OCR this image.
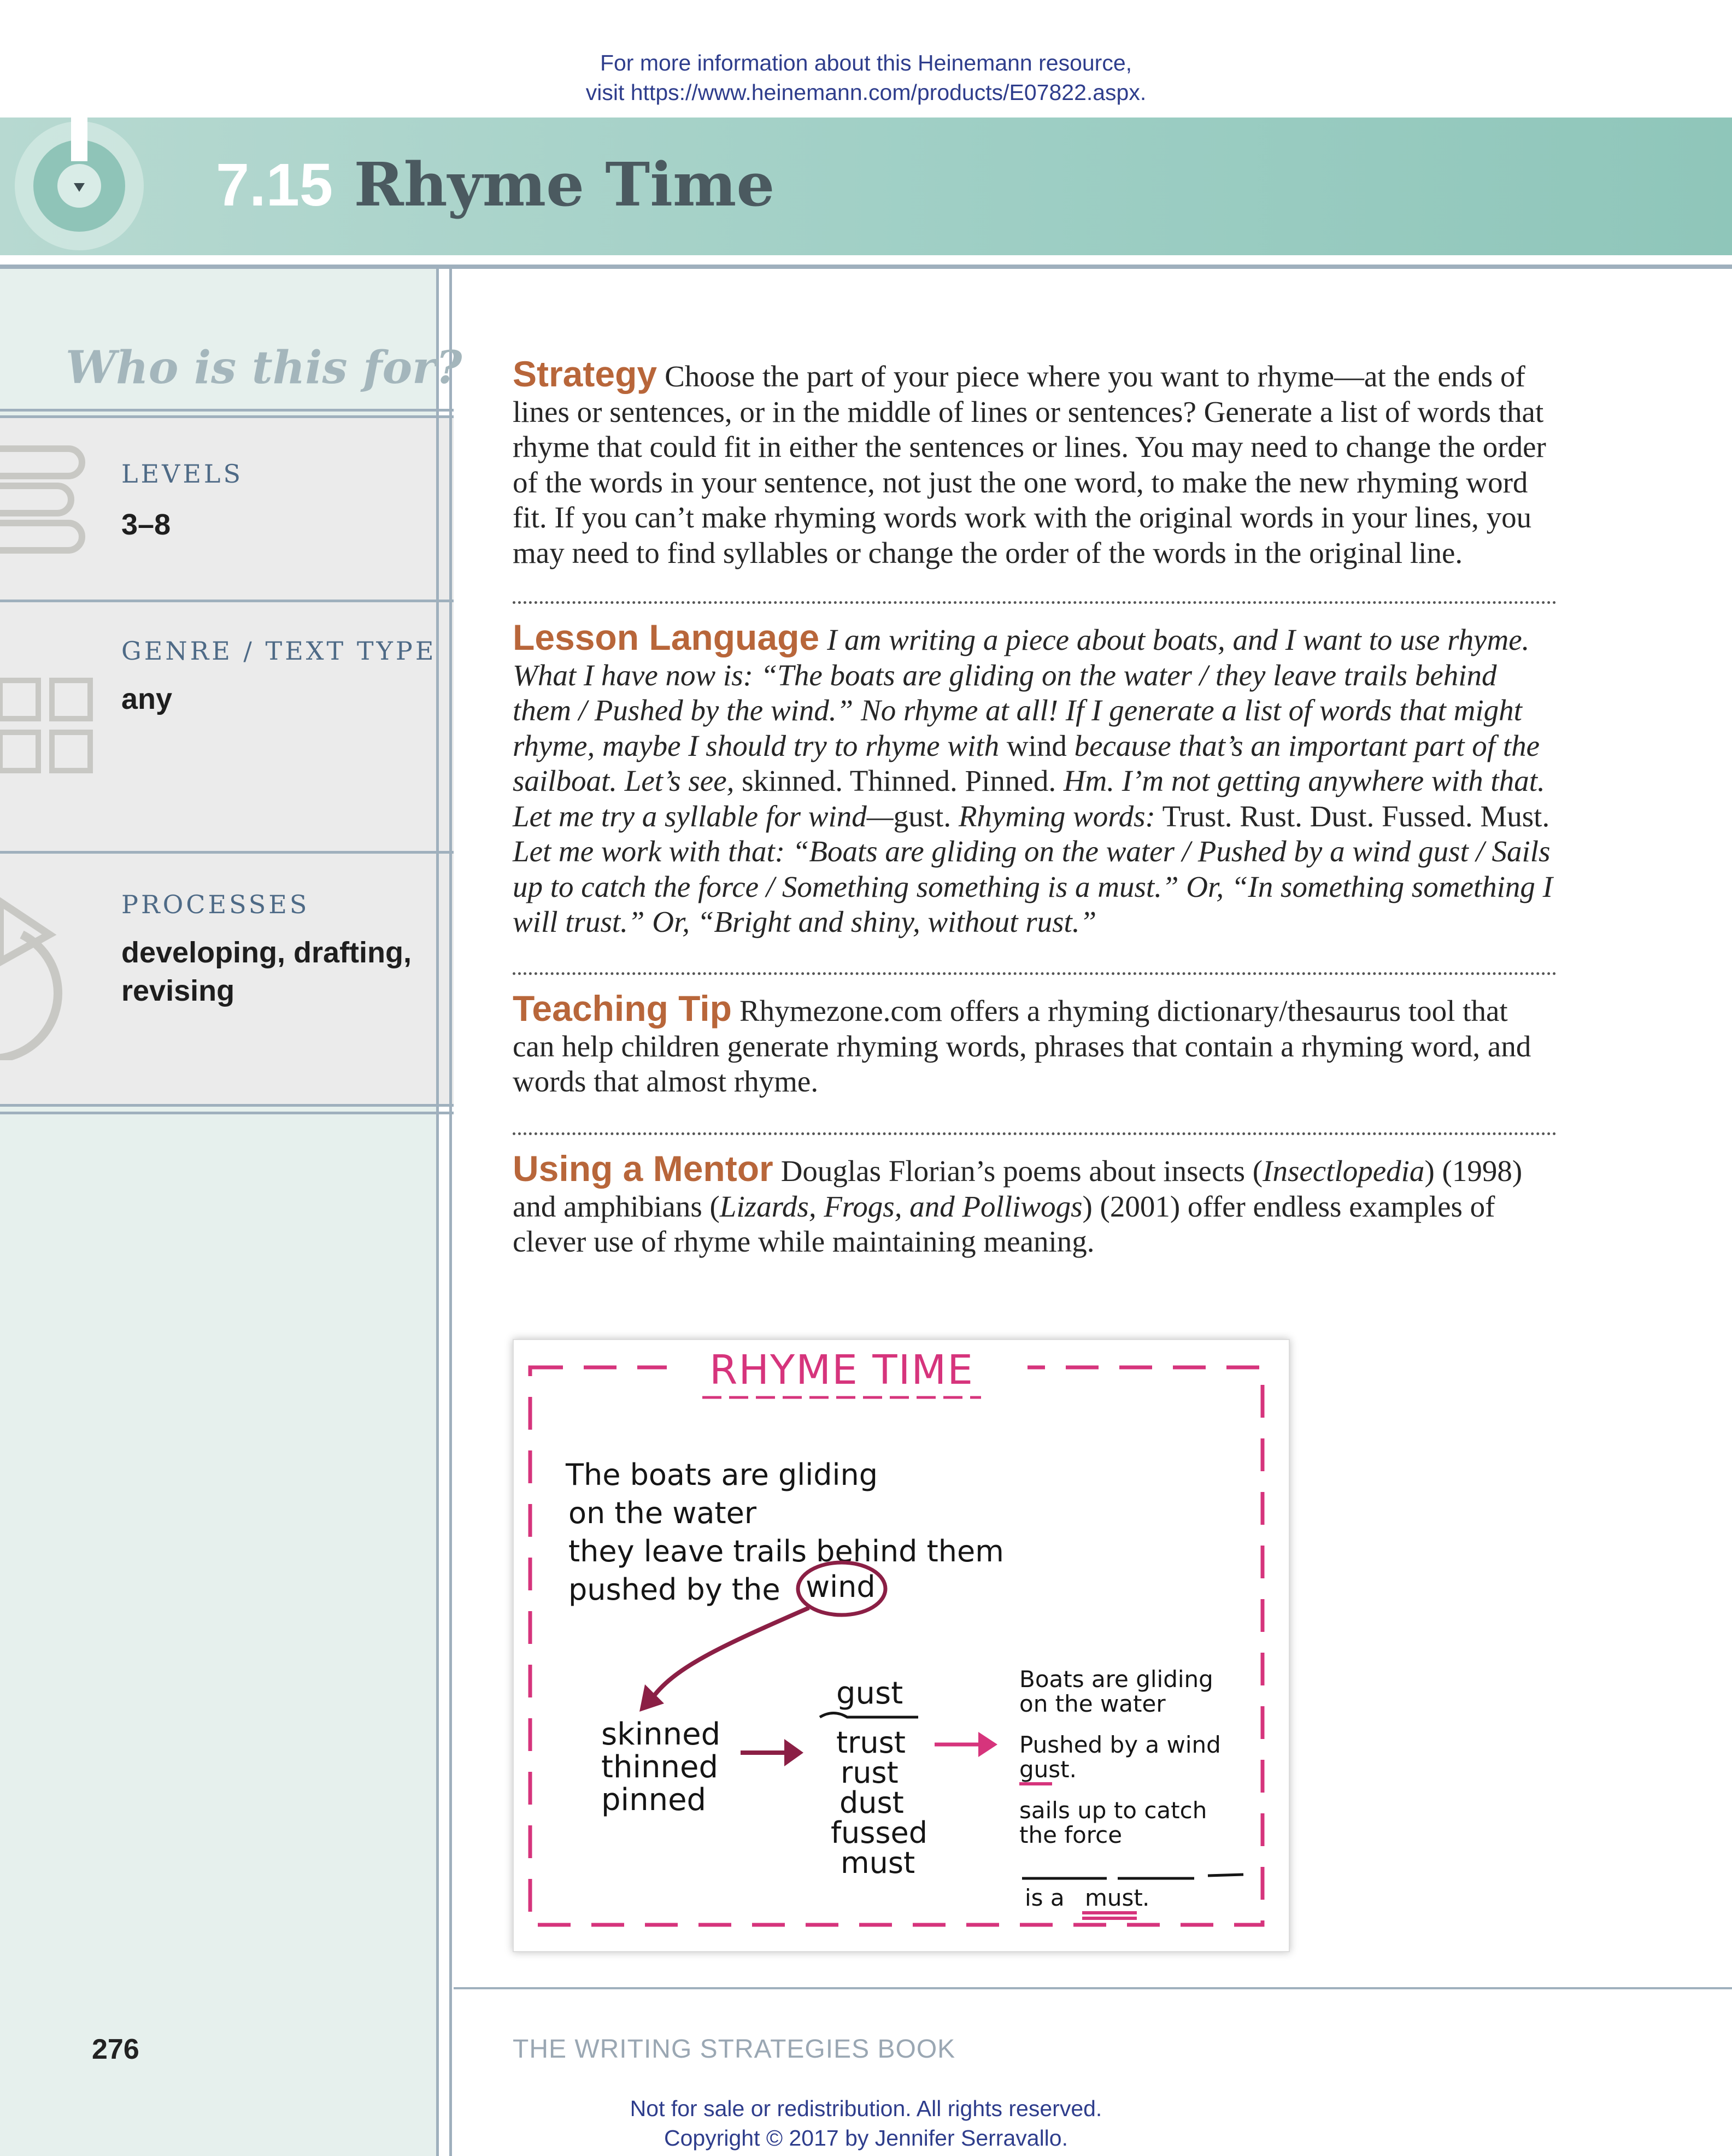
For more information about this Heinemann resource,
visit https://www.heinemann.com/products/E07822.aspx.
7.15 Rhyme Time
Who is this for?
LEVELS
3–8
GENRE / TEXT TYPE
any
PROCESSES
developing, drafting,
revising

Strategy Choose the part of your piece where you want to rhyme—at the ends of lines or sentences, or in the middle of lines or sentences? Generate a list of words that rhyme that could fit in either the sentences or lines. You may need to change the order of the words in your sentence, not just the one word, to make the new rhyming word fit. If you can’t make rhyming words work with the original words in your lines, you may need to find syllables or change the order of the words in the original line.

Lesson Language I am writing a piece about boats, and I want to use rhyme. What I have now is: “The boats are gliding on the water / they leave trails behind them / Pushed by the wind.” No rhyme at all! If I generate a list of words that might rhyme, maybe I should try to rhyme with wind because that’s an important part of the sailboat. Let’s see, skinned. Thinned. Pinned. Hm. I’m not getting anywhere with that. Let me try a syllable for wind—gust. Rhyming words: Trust. Rust. Dust. Fussed. Must. Let me work with that: “Boats are gliding on the water / Pushed by a wind gust / Sails up to catch the force / Something something is a must.” Or, “In something something I will trust.” Or, “Bright and shiny, without rust.”

Teaching Tip Rhymezone.com offers a rhyming dictionary/thesaurus tool that can help children generate rhyming words, phrases that contain a rhyming word, and words that almost rhyme.

Using a Mentor Douglas Florian’s poems about insects (Insectlopedia) (1998) and amphibians (Lizards, Frogs, and Polliwogs) (2001) offer endless examples of clever use of rhyme while maintaining meaning.

RHYME TIME
The boats are gliding
on the water
they leave trails behind them
pushed by the wind
skinned
thinned
pinned
gust
trust
rust
dust
fussed
must
Boats are gliding
on the water
Pushed by a wind
gust.
sails up to catch
the force
is a must .
276	THE WRITING STRATEGIES BOOK
Not for sale or redistribution. All rights reserved.
Copyright © 2017 by Jennifer Serravallo.
